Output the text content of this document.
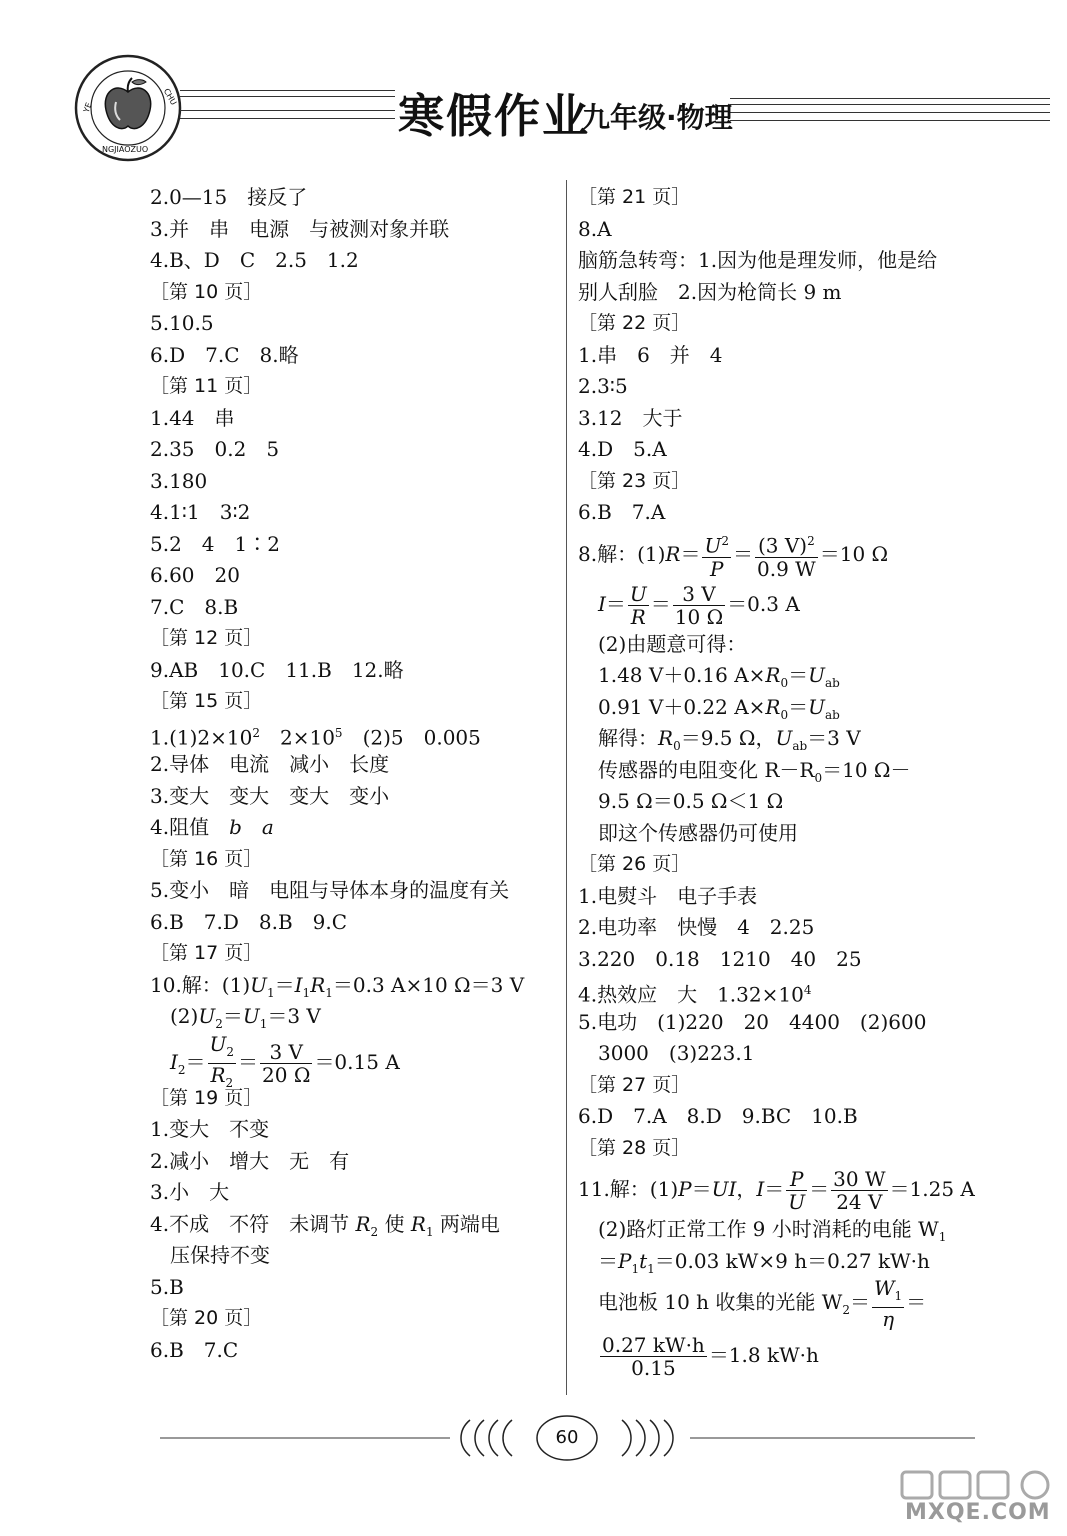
YE
CHU
NGJIAOZUO
寒假作业
九年级·物理
2.0—15　接反了
3.并　串　电源　与被测对象并联
4.B、D　C　2.5　1.2
［第 10 页］
5.10.5
6.D　7.C　8.略
［第 11 页］
1.44　串
2.35　0.2　5
3.180
4.1∶1　3∶2
5.2　4　1∶2
6.60　20
7.C　8.B
［第 12 页］
9.AB　10.C　11.B　12.略
［第 15 页］
$1.(1)2\times 10^2$　$2\times 10^5$　 (2)5　0.005
2.导体　电流　减小　长度
3.变大　变大　变大　变小
4.阻值　b　 a
［第 16 页］
5.变小　暗　电阻与导体本身的温度有关
6.B　7.D　8.B　9.C
［第 17 页］
10.解：$(1)U_1=I_1R_1=0.3$ A×10 Ω＝3 V
$(2)U_2=U_1=3$ V
$I_2= \frac{U_2}{R_2} = \frac{3 V}{20 \Omega} =0.15$ A
［第 19 页］
1.变大　不变
2.减小　增大　无　有
3.小　大
4.不成　不符　未调节 $R_2$ 使 $R_1$ 两端电
压保持不变
5.B
［第 20 页］
6.B　7.C
［第 21 页］
8.A
脑筋急转弯：1.因为他是理发师，他是给
别人刮脸　2.因为枪筒长 9 m
［第 22 页］
1.串　6　并　4
2.3∶5
3.12　大于
4.D　5.A
［第 23 页］
6.B　7.A
8.解：$(1)R= \frac{U^2}{P} = \frac{(3 V)^2}{0.9 W} =10$ Ω
$I= \frac{U}{R} = \frac{3 V}{10 \Omega} =0.3$ A
(2)由题意可得：
1.48 V＋0.16 $A\times R_0=U_{ab}$
0.91 V＋0.22 $A\times R_0=U_{ab}$
解得：$R_0=9.5$ Ω，$U_{ab}=3$ V
传感器的电阻变化 $R-R_0=10$ Ω－
9.5 Ω＝0.5 Ω＜1 Ω
即这个传感器仍可使用
［第 26 页］
1.电熨斗　电子手表
2.电功率　快慢　4　2.25
3.220　0.18　1210　40　25
4.热效应　大　$1.32\times 10^4$
5.电功　(1)220　20　4400　(2)600
3000　(3)223.1
［第 27 页］
6.D　7.A　8.D　9.BC　10.B
［第 28 页］
11.解：(1)P＝UI，$I= \frac{P}{U} = \frac{30 W}{24 V} =1.25$ A
(2)路灯正常工作 9 小时消耗的电能 $W_1$
$=P_1t_1=0.03$ kW×9 h＝0.27 kW·h
电池板 10 h 收集的光能 $W_2= \frac{W_1}{\eta}$ ＝
$\frac{0.27 kW\cdot h}{0.15} =1.8$ kW·h
60
MXQE.COM
